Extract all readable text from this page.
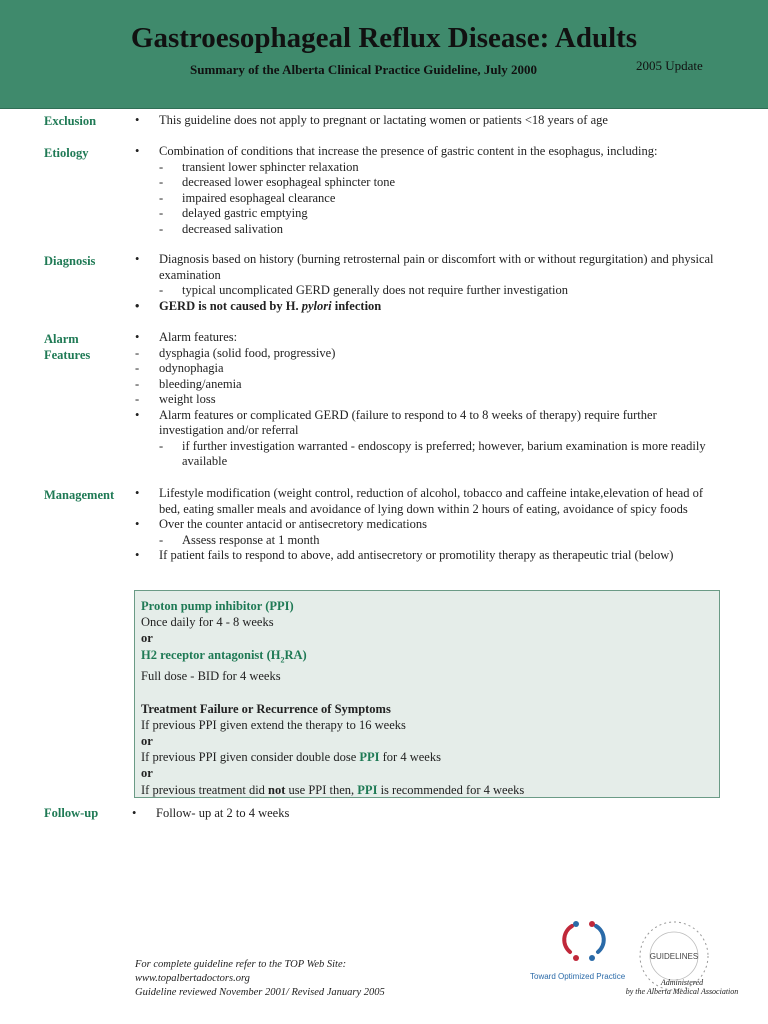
Gastroesophageal Reflux Disease: Adults
Summary of the Alberta Clinical Practice Guideline, July 2000	2005 Update
Exclusion	•	This guideline does not apply to pregnant or lactating women or patients <18 years of age
Etiology	•	Combination of conditions that increase the presence of gastric content in the esophagus, including:
- transient lower sphincter relaxation
- decreased lower esophageal sphincter tone
- impaired esophageal clearance
- delayed gastric emptying
- decreased salivation
Diagnosis	•	Diagnosis based on history (burning retrosternal pain or discomfort with or without regurgitation) and physical examination
- typical uncomplicated GERD generally does not require further investigation
•	GERD is not caused by H. pylori infection
Alarm
Features
•	Alarm features:
-	dysphagia (solid food, progressive)
-	odynophagia
-	bleeding/anemia
-	weight loss
•	Alarm features or complicated GERD (failure to respond to 4 to 8 weeks of therapy) require further investigation and/or referral
- if further investigation warranted - endoscopy is preferred; however, barium examination is more readily available
Management •	Lifestyle modification (weight control, reduction of alcohol, tobacco and caffeine intake,elevation of head of bed, eating smaller meals and avoidance of lying down within 2 hours of eating, avoidance of spicy foods
•	Over the counter antacid or antisecretory medications
- Assess response at 1 month
•	If patient fails to respond to above, add antisecretory or promotility therapy as therapeutic trial (below)
Proton pump inhibitor (PPI)
Once daily for 4 - 8 weeks
or
H2 receptor antagonist $(H_2RA)$
Full dose - BID for 4 weeks
Treatment Failure or Recurrence of Symptoms
If previous PPI given extend the therapy to 16 weeks
or
If previous PPI given consider double dose PPI for 4 weeks
or
If previous treatment did not use PPI then, PPI is recommended for 4 weeks
Follow-up	•	Follow- up at 2 to 4 weeks
For complete guideline refer to the TOP Web Site:
www.topalbertadoctors.org
Guideline reviewed November 2001/ Revised January 2005
Toward Optimized Practice
GUIDELINES
Administered
by the Alberta Medical Association
